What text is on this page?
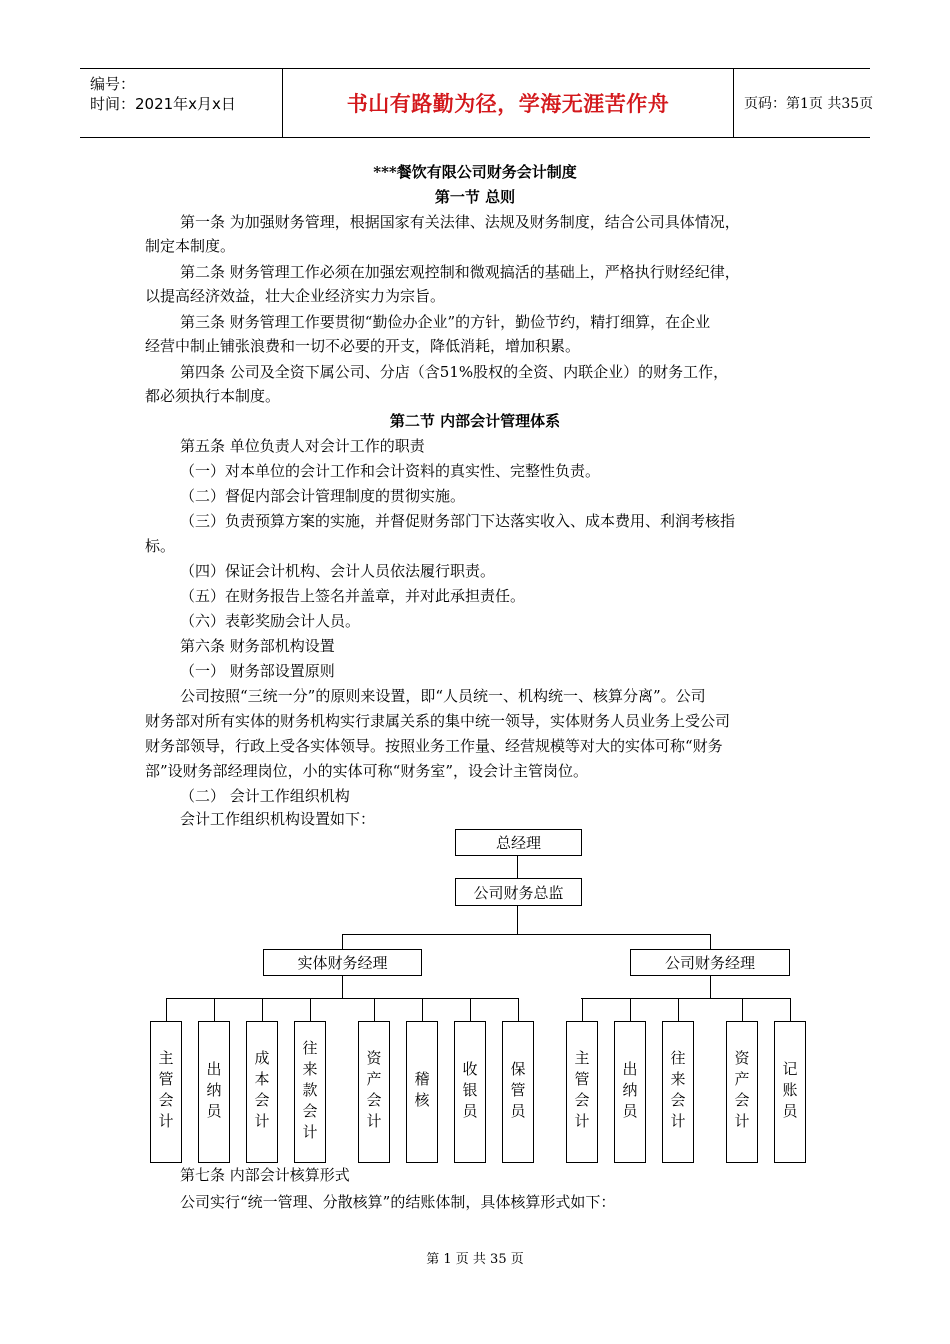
编号：
时间：2021年x月x日	书山有路勤为径，学海无涯苦作舟	页码：第1页 共35页
***餐饮有限公司财务会计制度
第一节 总则
第一条 为加强财务管理，根据国家有关法律、法规及财务制度，结合公司具体情况，
制定本制度。
第二条 财务管理工作必须在加强宏观控制和微观搞活的基础上，严格执行财经纪律，
以提高经济效益，壮大企业经济实力为宗旨。
第三条 财务管理工作要贯彻“勤俭办企业”的方针，勤俭节约，精打细算，在企业
经营中制止铺张浪费和一切不必要的开支，降低消耗，增加积累。
第四条 公司及全资下属公司、分店（含51%股权的全资、内联企业）的财务工作，
都必须执行本制度。
第二节 内部会计管理体系
第五条 单位负责人对会计工作的职责
（一）对本单位的会计工作和会计资料的真实性、完整性负责。
（二）督促内部会计管理制度的贯彻实施。
（三）负责预算方案的实施，并督促财务部门下达落实收入、成本费用、利润考核指
标。
（四）保证会计机构、会计人员依法履行职责。
（五）在财务报告上签名并盖章，并对此承担责任。
（六）表彰奖励会计人员。
第六条 财务部机构设置
（一） 财务部设置原则
公司按照“三统一分”的原则来设置，即“人员统一、机构统一、核算分离”。公司
财务部对所有实体的财务机构实行隶属关系的集中统一领导，实体财务人员业务上受公司
财务部领导，行政上受各实体领导。按照业务工作量、经营规模等对大的实体可称“财务
部”设财务部经理岗位，小的实体可称“财务室”，设会计主管岗位。
（二） 会计工作组织机构
会计工作组织机构设置如下：
总经理
公司财务总监
实体财务经理	公司财务经理
主管会计	出纳员	成本会计	往来款会计	资产会计	稽核	收银员	保管员	主管会计	出纳员	往来会计	资产会计	记账员
第七条 内部会计核算形式
公司实行“统一管理、分散核算”的结账体制，具体核算形式如下：
第 1 页 共 35 页
